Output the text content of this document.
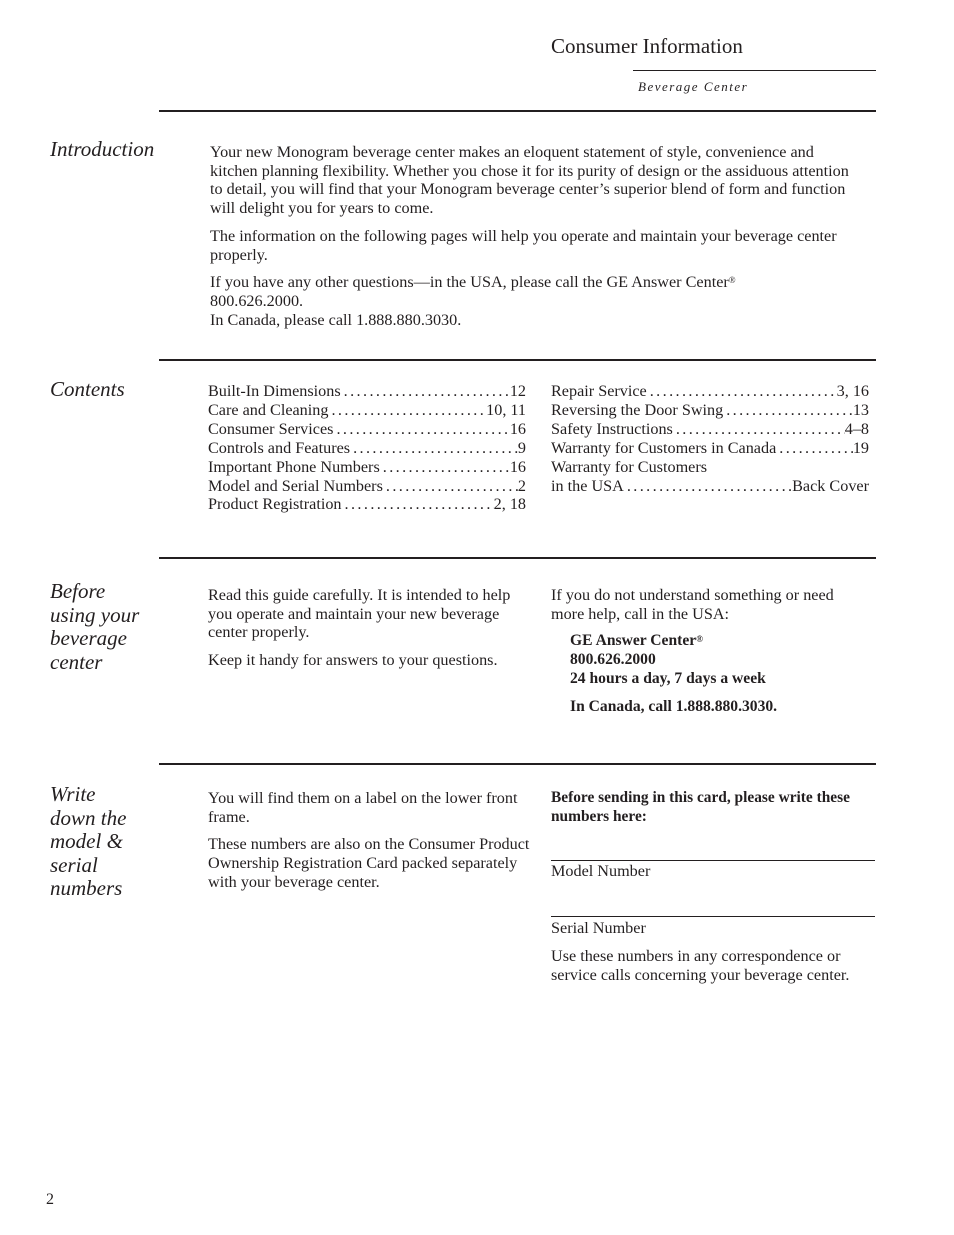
Consumer Information
Beverage Center
Introduction	Your new Monogram beverage center makes an eloquent statement of style, convenience and kitchen planning flexibility. Whether you chose it for its purity of design or the assiduous attention to detail, you will find that your Monogram beverage center’s superior blend of form and function will delight you for years to come.

The information on the following pages will help you operate and maintain your beverage center properly.

If you have any other questions—in the USA, please call the GE Answer Center®
800.626.2000.
In Canada, please call 1.888.880.3030.

Contents	Built-In Dimensions .....	12
Care and Cleaning .....	10, 11
Consumer Services .....	16
Controls and Features .....	9
Important Phone Numbers .....	16
Model and Serial Numbers .....	2
Product Registration .....	2, 18
Repair Service .....	3, 16
Reversing the Door Swing .....	13
Safety Instructions .....	4–8
Warranty for Customers in Canada .....	19
Warranty for Customers
in the USA .....	Back Cover
Before
using your
beverage
center

Read this guide carefully. It is intended to help you operate and maintain your new beverage center properly.

Keep it handy for answers to your questions.

If you do not understand something or need more help, call in the USA:

GE Answer Center®
800.626.2000
24 hours a day, 7 days a week
In Canada, call 1.888.880.3030.
Write
down the
model &
serial
numbers

You will find them on a label on the lower front frame.

These numbers are also on the Consumer Product Ownership Registration Card packed separately with your beverage center.

Before sending in this card, please write these numbers here:
Model Number
Serial Number
Use these numbers in any correspondence or service calls concerning your beverage center.
2
